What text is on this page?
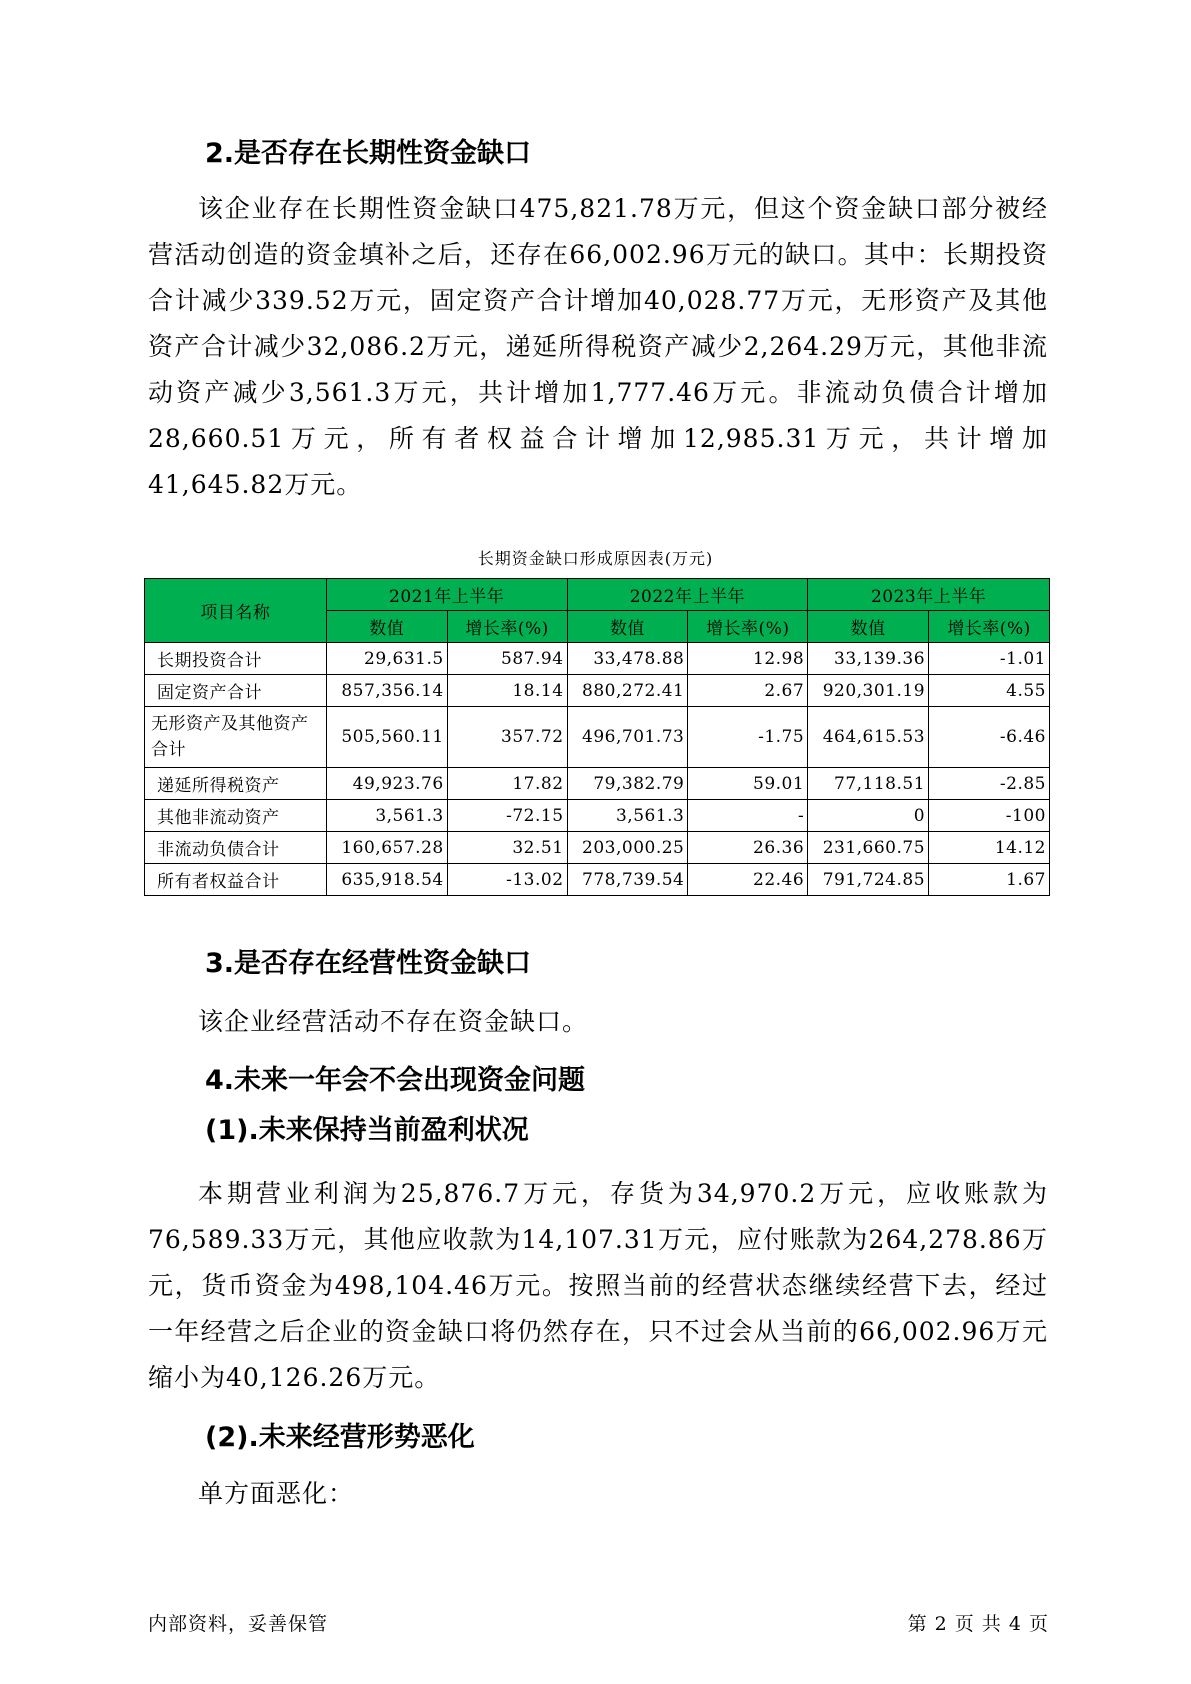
2.是否存在长期性资金缺口

该企业存在长期性资金缺口475,821.78万元，但这个资金缺口部分被经营活动创造的资金填补之后，还存在66,002.96万元的缺口。其中：长期投资合计减少339.52万元，固定资产合计增加40,028.77万元，无形资产及其他资产合计减少32,086.2万元，递延所得税资产减少2,264.29万元，其他非流动资产减少3,561.3万元，共计增加1,777.46万元。非流动负债合计增加28,660.51万元，所有者权益合计增加12,985.31万元，共计增加41,645.82万元。

长期资金缺口形成原因表(万元)
项目名称	2021年上半年		2022年上半年		2023年上半年	
	数值	增长率(%)	数值	增长率(%)	数值	增长率(%)
长期投资合计	29,631.5	587.94	33,478.88	12.98	33,139.36	-1.01
固定资产合计	857,356.14	18.14	880,272.41	2.67	920,301.19	4.55
无形资产及其他资产合计	505,560.11	357.72	496,701.73	-1.75	464,615.53	-6.46
递延所得税资产	49,923.76	17.82	79,382.79	59.01	77,118.51	-2.85
其他非流动资产	3,561.3	-72.15	3,561.3	-	0	-100
非流动负债合计	160,657.28	32.51	203,000.25	26.36	231,660.75	14.12
所有者权益合计	635,918.54	-13.02	778,739.54	22.46	791,724.85	1.67
3.是否存在经营性资金缺口

该企业经营活动不存在资金缺口。

4.未来一年会不会出现资金问题
(1).未来保持当前盈利状况

本期营业利润为25,876.7万元，存货为34,970.2万元，应收账款为76,589.33万元，其他应收款为14,107.31万元，应付账款为264,278.86万元，货币资金为498,104.46万元。按照当前的经营状态继续经营下去，经过一年经营之后企业的资金缺口将仍然存在，只不过会从当前的66,002.96万元缩小为40,126.26万元。

(2).未来经营形势恶化

单方面恶化：

内部资料，妥善保管	第 2 页 共 4 页
